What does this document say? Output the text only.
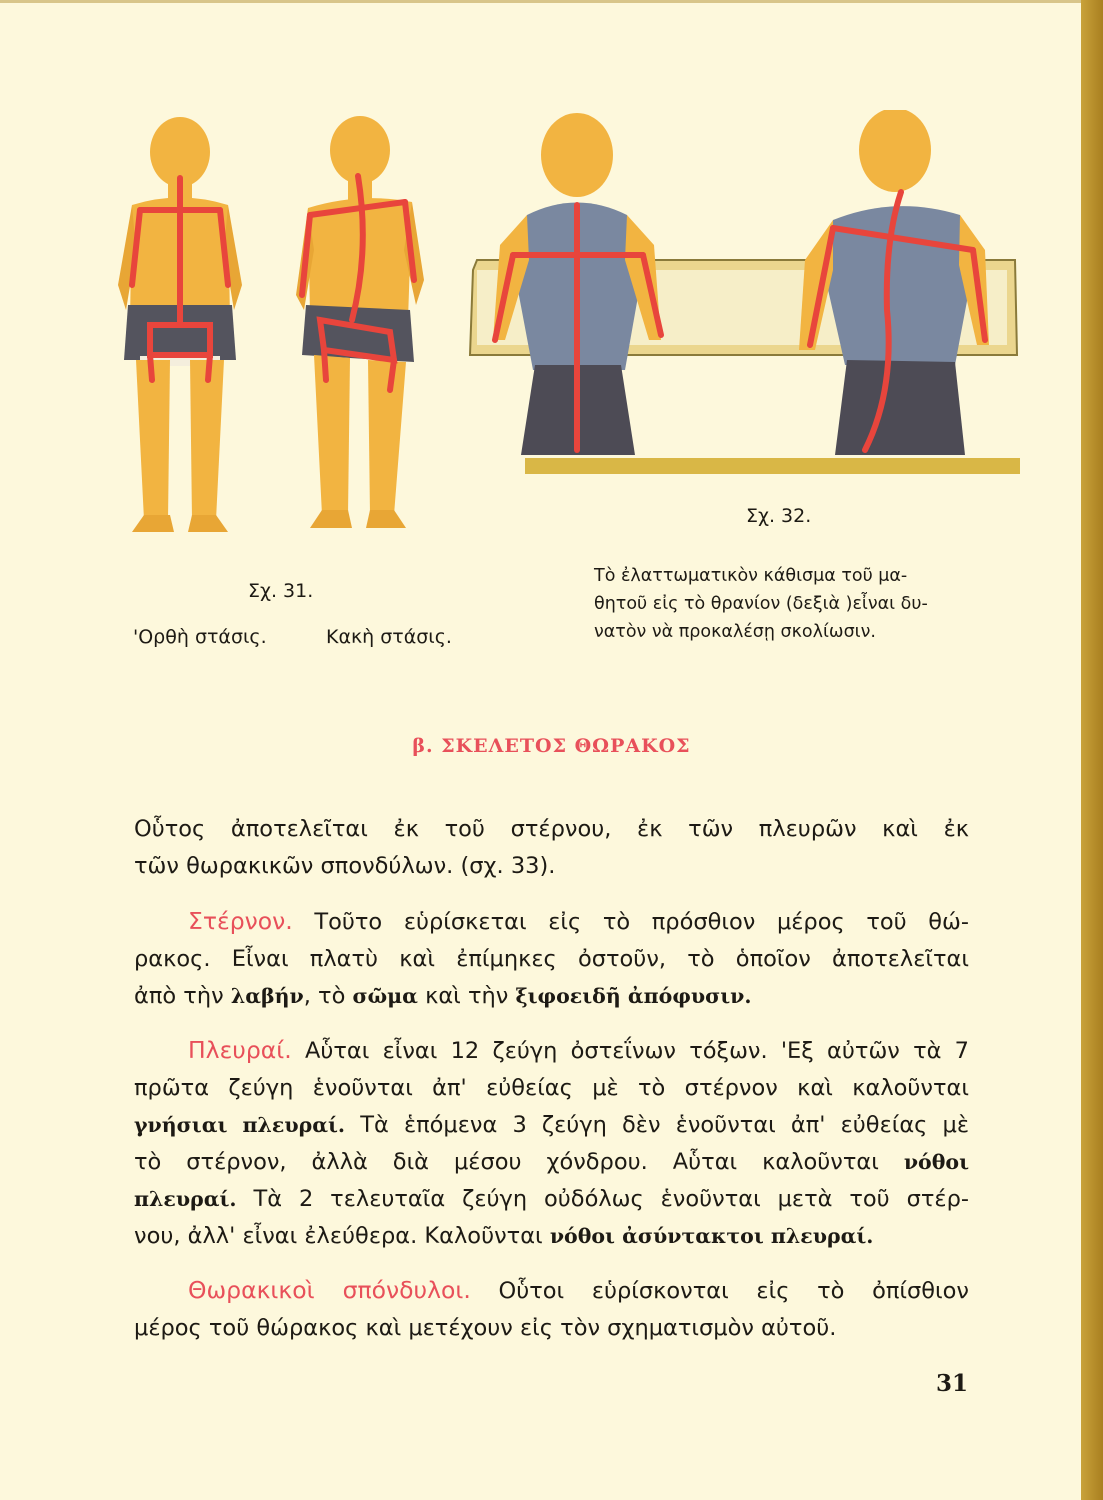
Σχ. 32.
Σχ. 31.
'Ορθὴ στάσις.	Κακὴ στάσις.
Τὸ ἐλαττωματικὸν κάθισμα τοῦ μα-
θητοῦ εἰς τὸ θρανίον (δεξιὰ )εἶναι δυ-
νατὸν νὰ προκαλέσῃ σκολίωσιν.
β. ΣΚΕΛΕΤΟΣ ΘΩΡΑΚΟΣ
Οὗτος ἀποτελεῖται ἐκ τοῦ στέρνου, ἐκ τῶν πλευρῶν καὶ ἐκ
τῶν θωρακικῶν σπονδύλων. (σχ. 33).
Στέρνον. Τοῦτο εὑρίσκεται εἰς τὸ πρόσθιον μέρος τοῦ θώ-
ρακος. Εἶναι πλατὺ καὶ ἐπίμηκες ὀστοῦν, τὸ ὁποῖον ἀποτελεῖται
ἀπὸ τὴν λαβήν, τὸ σῶμα καὶ τὴν ξιφοειδῆ ἀπόφυσιν.
Πλευραί. Αὗται εἶναι 12 ζεύγη ὀστεΐνων τόξων. 'Εξ αὐτῶν τὰ 7
πρῶτα ζεύγη ἑνοῦνται ἀπ' εὐθείας μὲ τὸ στέρνον καὶ καλοῦνται
γνήσιαι πλευραί. Τὰ ἑπόμενα 3 ζεύγη δὲν ἑνοῦνται ἀπ' εὐθείας μὲ
τὸ στέρνον, ἀλλὰ διὰ μέσου χόνδρου. Αὗται καλοῦνται νόθοι
πλευραί. Τὰ 2 τελευταῖα ζεύγη οὐδόλως ἑνοῦνται μετὰ τοῦ στέρ-
νου, ἀλλ' εἶναι ἐλεύθερα. Καλοῦνται νόθοι ἀσύντακτοι πλευραί.
Θωρακικοὶ σπόνδυλοι. Οὗτοι εὑρίσκονται εἰς τὸ ὀπίσθιον
μέρος τοῦ θώρακος καὶ μετέχουν εἰς τὸν σχηματισμὸν αὐτοῦ.
31
